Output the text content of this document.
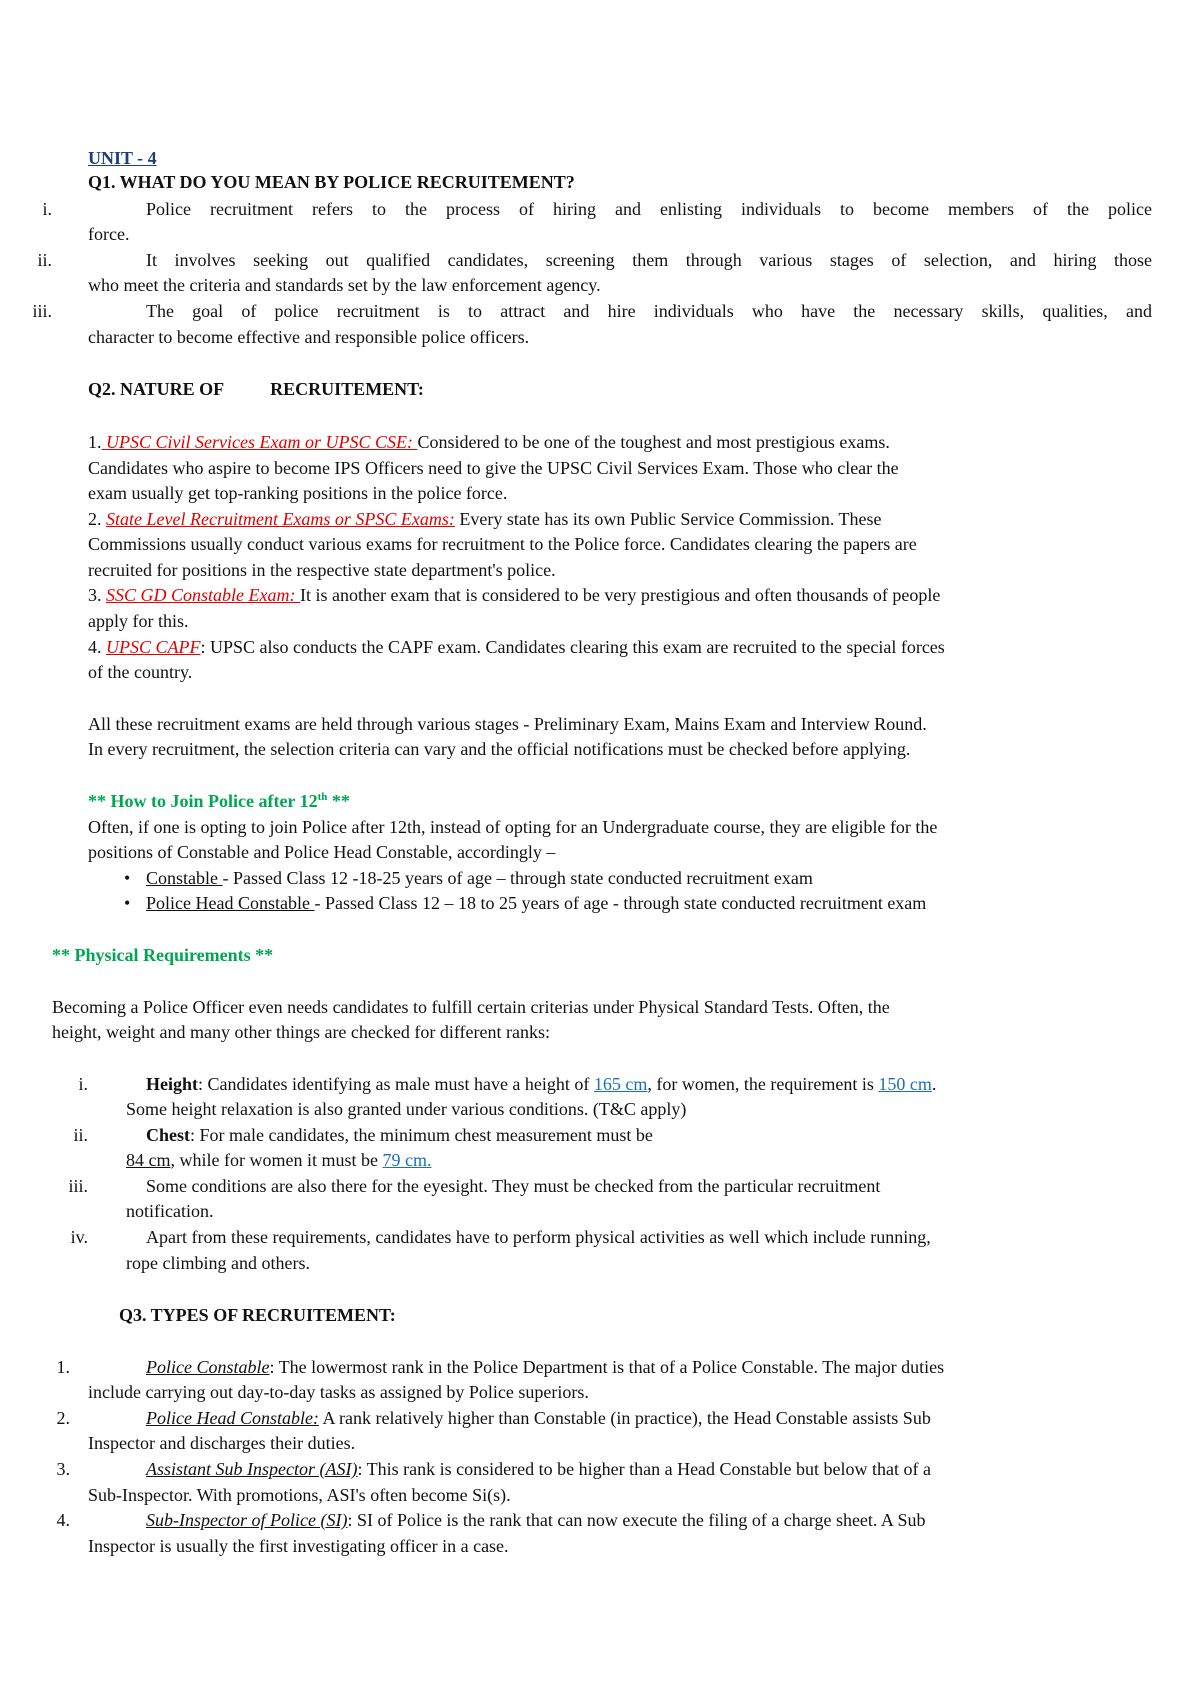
UNIT - 4
Q1. WHAT DO YOU MEAN BY POLICE RECRUITEMENT?
i.	Police recruitment refers to the process of hiring and enlisting individuals to become members of the police
force.
ii.	It involves seeking out qualified candidates, screening them through various stages of selection, and hiring those
who meet the criteria and standards set by the law enforcement agency.
iii.	The goal of police recruitment is to attract and hire individuals who have the necessary skills, qualities, and
character to become effective and responsible police officers.
Q2. NATURE OF	RECRUITEMENT:
1. UPSC Civil Services Exam or UPSC CSE: Considered to be one of the toughest and most prestigious exams.
Candidates who aspire to become IPS Officers need to give the UPSC Civil Services Exam. Those who clear the
exam usually get top-ranking positions in the police force.
2. State Level Recruitment Exams or SPSC Exams: Every state has its own Public Service Commission. These
Commissions usually conduct various exams for recruitment to the Police force. Candidates clearing the papers are
recruited for positions in the respective state department's police.
3. SSC GD Constable Exam: It is another exam that is considered to be very prestigious and often thousands of people
apply for this.
4. UPSC CAPF: UPSC also conducts the CAPF exam. Candidates clearing this exam are recruited to the special forces
of the country.
All these recruitment exams are held through various stages - Preliminary Exam, Mains Exam and Interview Round.
In every recruitment, the selection criteria can vary and the official notifications must be checked before applying.
** How to Join Police after 12th **
Often, if one is opting to join Police after 12th, instead of opting for an Undergraduate course, they are eligible for the
positions of Constable and Police Head Constable, accordingly –
• Constable - Passed Class 12 -18-25 years of age – through state conducted recruitment exam
• Police Head Constable - Passed Class 12 – 18 to 25 years of age - through state conducted recruitment exam
** Physical Requirements **
Becoming a Police Officer even needs candidates to fulfill certain criterias under Physical Standard Tests. Often, the
height, weight and many other things are checked for different ranks:
i.	Height: Candidates identifying as male must have a height of 165 cm, for women, the requirement is 150 cm.
Some height relaxation is also granted under various conditions. (T&C apply)
ii.	Chest: For male candidates, the minimum chest measurement must be
84 cm, while for women it must be 79 cm.
iii.	Some conditions are also there for the eyesight. They must be checked from the particular recruitment
notification.
iv.	Apart from these requirements, candidates have to perform physical activities as well which include running,
rope climbing and others.
Q3. TYPES OF RECRUITEMENT:
1.	Police Constable: The lowermost rank in the Police Department is that of a Police Constable. The major duties
include carrying out day-to-day tasks as assigned by Police superiors.
2.	Police Head Constable: A rank relatively higher than Constable (in practice), the Head Constable assists Sub
Inspector and discharges their duties.
3.	Assistant Sub Inspector (ASI): This rank is considered to be higher than a Head Constable but below that of a
Sub-Inspector. With promotions, ASI's often become Si(s).
4.	Sub-Inspector of Police (SI): SI of Police is the rank that can now execute the filing of a charge sheet. A Sub
Inspector is usually the first investigating officer in a case.
